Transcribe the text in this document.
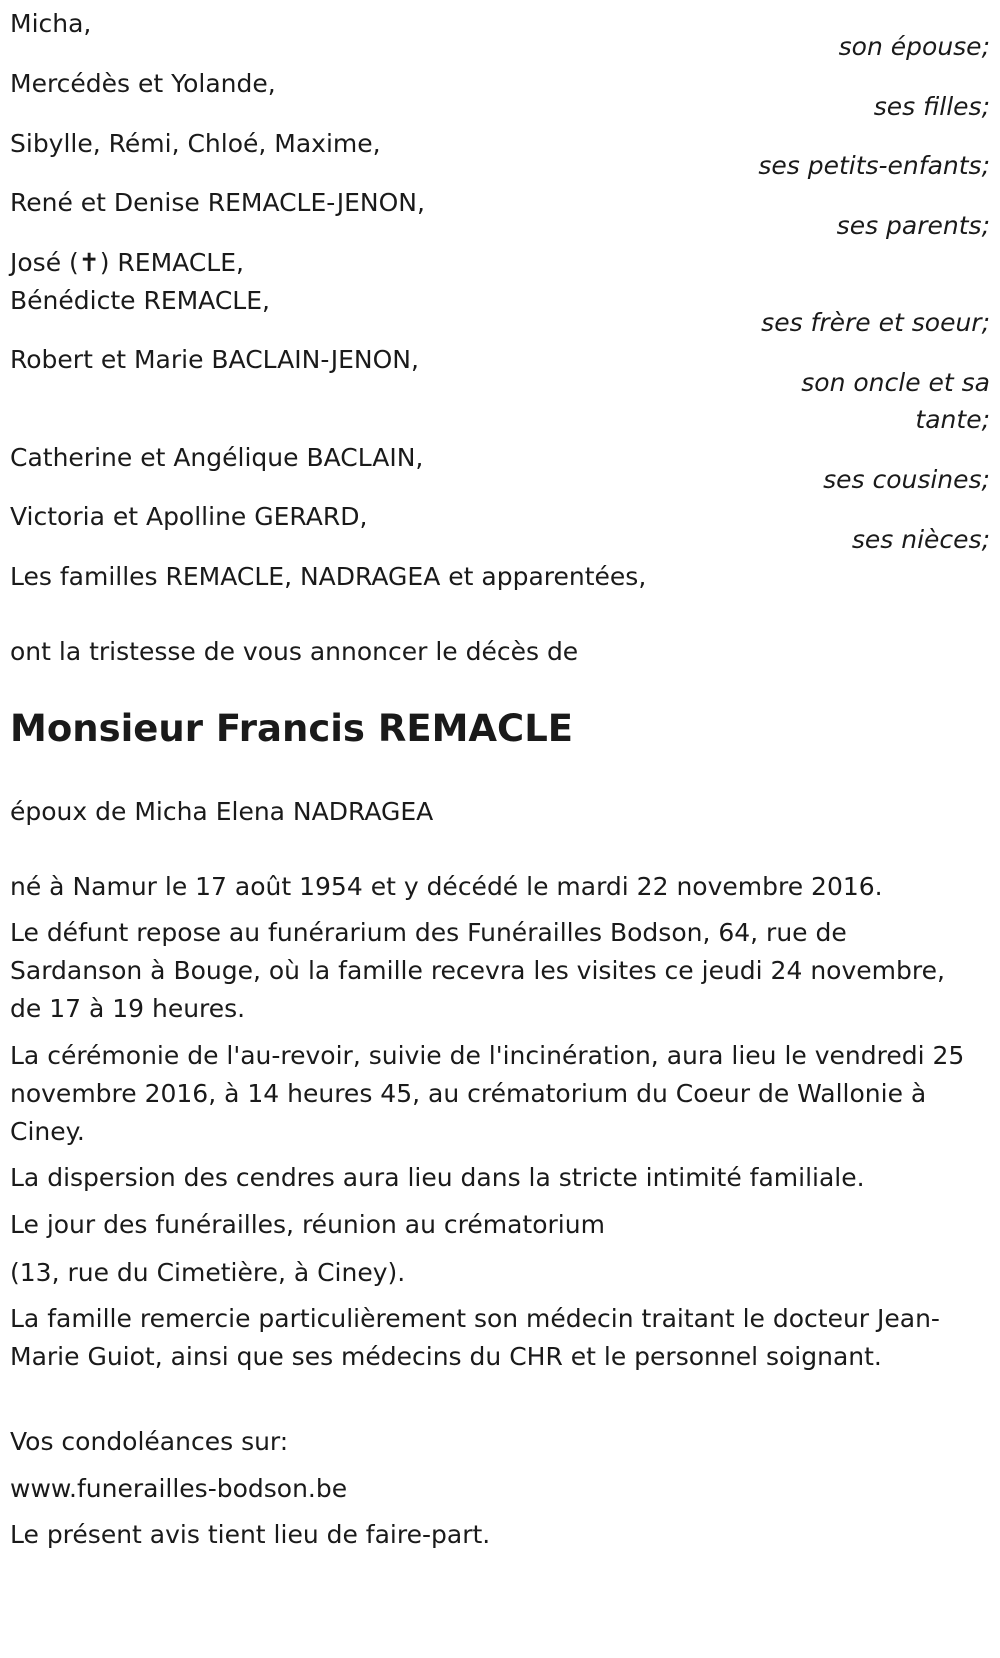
Micha,
son épouse;
Mercédès et Yolande,
ses filles;
Sibylle, Rémi, Chloé, Maxime,
ses petits-enfants;
René et Denise REMACLE-JENON,
ses parents;
José (✝) REMACLE,
Bénédicte REMACLE,
ses frère et soeur;
Robert et Marie BACLAIN-JENON,
son oncle et sa
tante;
Catherine et Angélique BACLAIN,
ses cousines;
Victoria et Apolline GERARD,
ses nièces;
Les familles REMACLE, NADRAGEA et apparentées,
ont la tristesse de vous annoncer le décès de
Monsieur Francis REMACLE
époux de Micha Elena NADRAGEA
né à Namur le 17 août 1954 et y décédé le mardi 22 novembre 2016.
Le défunt repose au funérarium des Funérailles Bodson, 64, rue de Sardanson à Bouge, où la famille recevra les visites ce jeudi 24 novembre, de 17 à 19 heures.
La cérémonie de l'au-revoir, suivie de l'incinération, aura lieu le vendredi 25 novembre 2016, à 14 heures 45, au crématorium du Coeur de Wallonie à Ciney.
La dispersion des cendres aura lieu dans la stricte intimité familiale.
Le jour des funérailles, réunion au crématorium
(13, rue du Cimetière, à Ciney).
La famille remercie particulièrement son médecin traitant le docteur Jean-Marie Guiot, ainsi que ses médecins du CHR et le personnel soignant.
Vos condoléances sur:
www.funerailles-bodson.be
Le présent avis tient lieu de faire-part.
